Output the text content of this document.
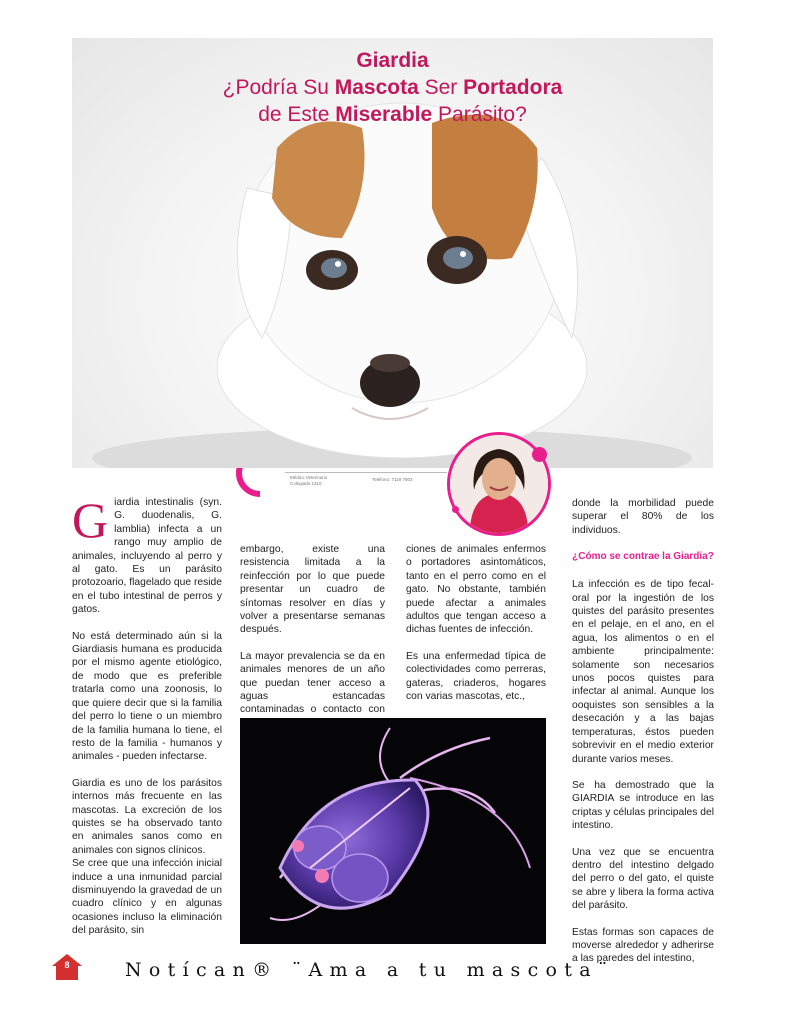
Giardia
¿Podría Su Mascota Ser Portadora
de Este Miserable Parásito?
Médico Veterinario
Colegiado 1310
Teléfono: 7119 7603
G iardia intestinalis (syn. G. duodenalis, G. lamblia) infecta a un rango muy amplio de animales, incluyendo al perro y al gato. Es un parásito protozoario, flagelado que reside en el tubo intestinal de perros y gatos.

No está determinado aún si la Giardiasis humana es producida por el mismo agente etiológico, de modo que es preferible tratarla como una zoonosis, lo que quiere decir que si la familia del perro lo tiene o un miembro de la familia humana lo tiene, el resto de la familia - humanos y animales - pueden infectarse.

Giardia es uno de los parásitos internos más frecuente en las mascotas. La excreción de los quistes se ha observado tanto en animales sanos como en animales con signos clínicos.

Se cree que una infección inicial induce a una inmunidad parcial disminuyendo la gravedad de un cuadro clínico y en algunas ocasiones incluso la eliminación del parásito, sin

embargo, existe una resistencia limitada a la reinfección por lo que puede presentar un cuadro de síntomas resolver en días y volver a presentarse semanas después.

La mayor prevalencia se da en animales menores de un año que puedan tener acceso a aguas estancadas contaminadas o contacto con

ciones de animales enfermos o portadores asintomáticos, tanto en el perro como en el gato. No obstante, también puede afectar a animales adultos que tengan acceso a dichas fuentes de infección.

Es una enfermedad típica de colectividades como perreras, gateras, criaderos, hogares con varias mascotas, etc.,

donde la morbilidad puede superar el 80% de los individuos.

¿Cómo se contrae la Giardia?

La infección es de tipo fecal-oral por la ingestión de los quistes del parásito presentes en el pelaje, en el ano, en el agua, los alimentos o en el ambiente principalmente: solamente son necesarios unos pocos quistes para infectar al animal. Aunque los ooquistes son sensibles a la desecación y a las bajas temperaturas, éstos pueden sobrevivir en el medio exterior durante varios meses.

Se ha demostrado que la GIARDIA se introduce en las criptas y células principales del intestino.

Una vez que se encuentra dentro del intestino delgado del perro o del gato, el quiste se abre y libera la forma activa del parásito.

Estas formas son capaces de moverse alrededor y adherirse a las paredes del intestino,

8	Notícan® ¨Ama a tu mascota¨
